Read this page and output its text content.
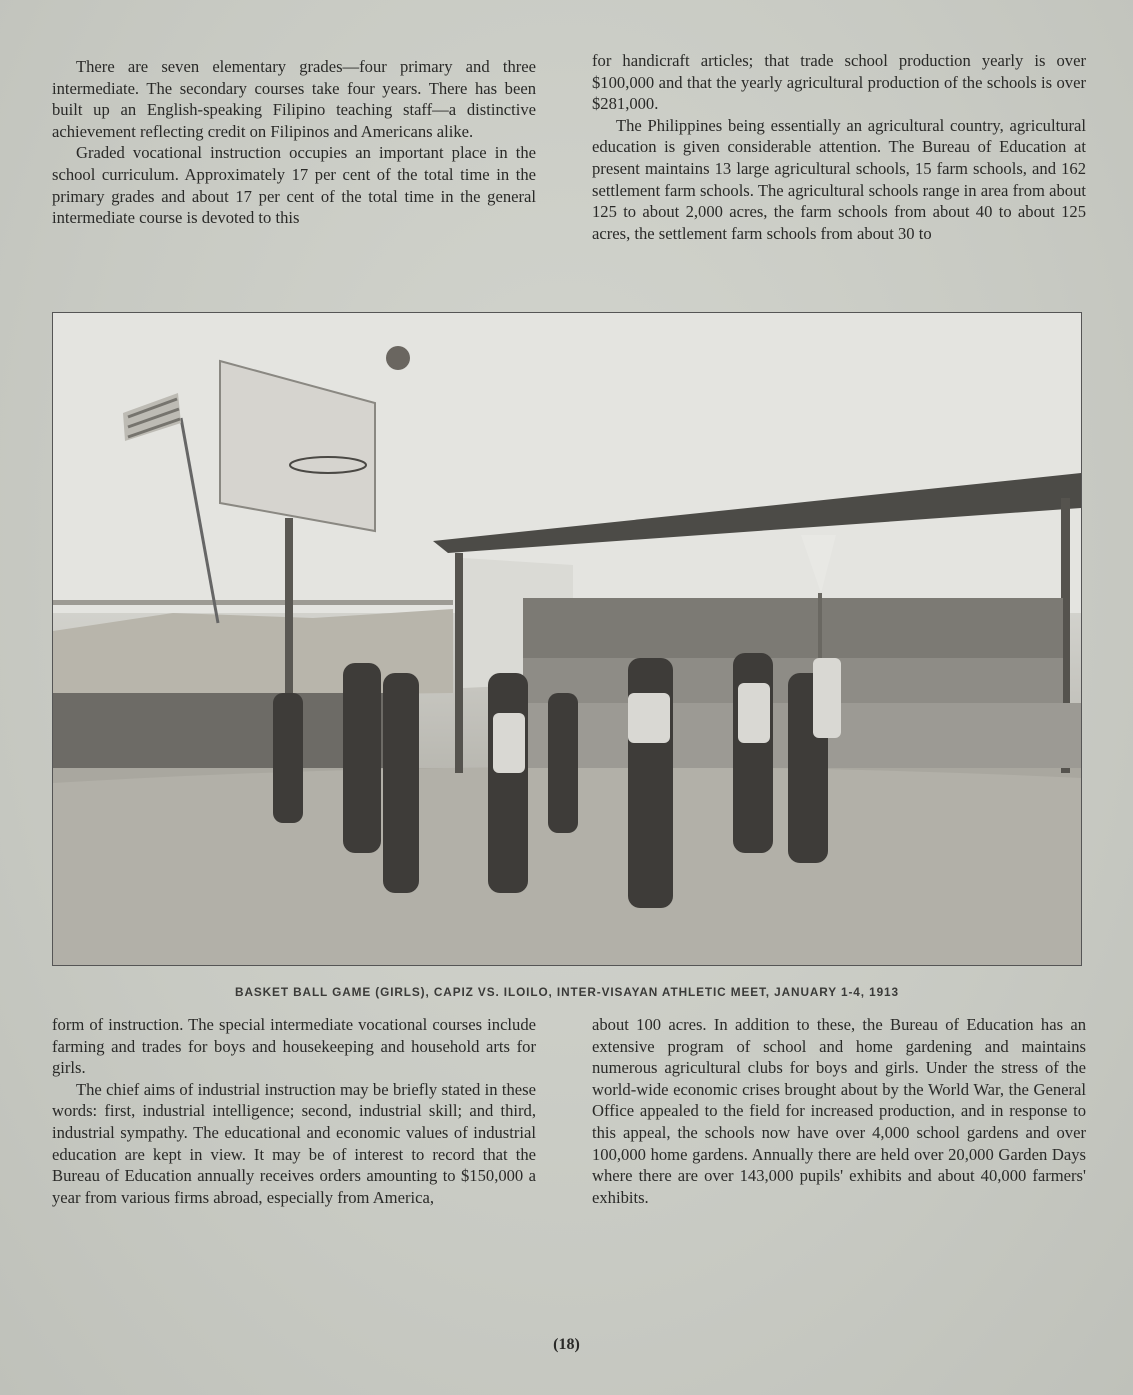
There are seven elementary grades—four primary and three intermediate. The secondary courses take four years. There has been built up an English-speaking Filipino teaching staff—a distinctive achievement reflecting credit on Filipinos and Americans alike.

Graded vocational instruction occupies an important place in the school curriculum. Approximately 17 per cent of the total time in the primary grades and about 17 per cent of the total time in the general intermediate course is devoted to this

for handicraft articles; that trade school production yearly is over $100,000 and that the yearly agricultural production of the schools is over $281,000.

The Philippines being essentially an agricultural country, agricultural education is given considerable attention. The Bureau of Education at present maintains 13 large agricultural schools, 15 farm schools, and 162 settlement farm schools. The agricultural schools range in area from about 125 to about 2,000 acres, the farm schools from about 40 to about 125 acres, the settlement farm schools from about 30 to

BASKET BALL GAME (GIRLS), CAPIZ VS. ILOILO, INTER-VISAYAN ATHLETIC MEET, JANUARY 1-4, 1913

form of instruction. The special intermediate vocational courses include farming and trades for boys and housekeeping and household arts for girls.

The chief aims of industrial instruction may be briefly stated in these words: first, industrial intelligence; second, industrial skill; and third, industrial sympathy. The educational and economic values of industrial education are kept in view. It may be of interest to record that the Bureau of Education annually receives orders amounting to $150,000 a year from various firms abroad, especially from America,

about 100 acres. In addition to these, the Bureau of Education has an extensive program of school and home gardening and maintains numerous agricultural clubs for boys and girls. Under the stress of the world-wide economic crises brought about by the World War, the General Office appealed to the field for increased production, and in response to this appeal, the schools now have over 4,000 school gardens and over 100,000 home gardens. Annually there are held over 20,000 Garden Days where there are over 143,000 pupils' exhibits and about 40,000 farmers' exhibits.

(18)
